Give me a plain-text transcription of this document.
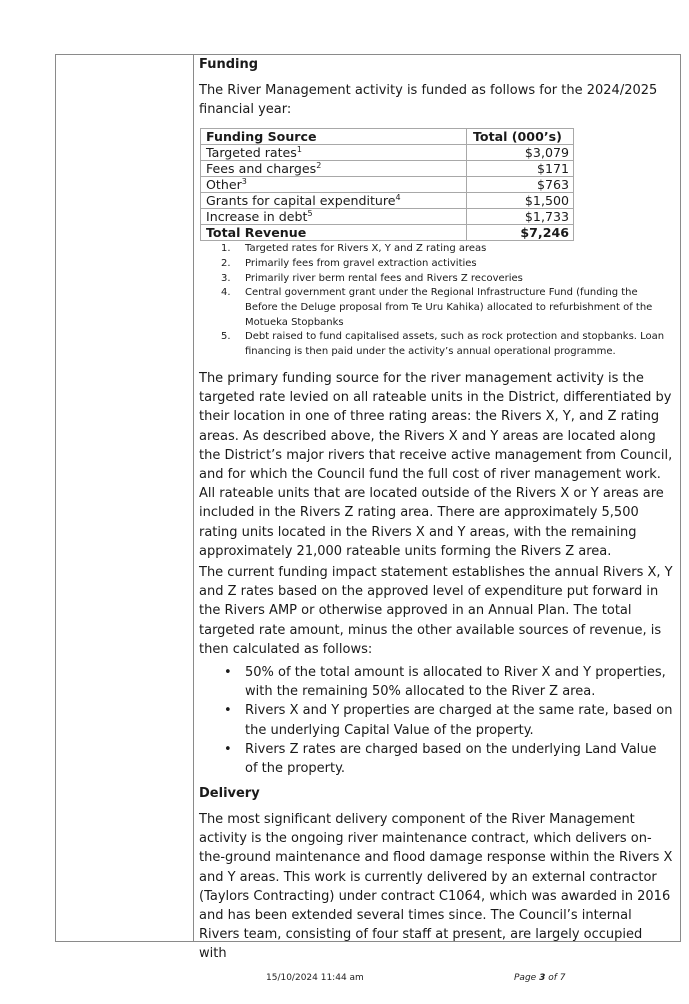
Funding

The River Management activity is funded as follows for the 2024/2025 financial year:

Funding Source	Total (000’s)
Targeted rates$^1$	$3,079
Fees and charges$^2$	$171
Other$^3$	$763
Grants for capital expenditure$^4$	$1,500
Increase in debt$^5$	$1,733
Total Revenue	$7,246
1. Targeted rates for Rivers X, Y and Z rating areas
2. Primarily fees from gravel extraction activities
3. Primarily river berm rental fees and Rivers Z recoveries
4. Central government grant under the Regional Infrastructure Fund (funding the Before the Deluge proposal from Te Uru Kahika) allocated to refurbishment of the Motueka Stopbanks
5. Debt raised to fund capitalised assets, such as rock protection and stopbanks. Loan financing is then paid under the activity’s annual operational programme.

The primary funding source for the river management activity is the targeted rate levied on all rateable units in the District, differentiated by their location in one of three rating areas: the Rivers X, Y, and Z rating areas. As described above, the Rivers X and Y areas are located along the District’s major rivers that receive active management from Council, and for which the Council fund the full cost of river management work. All rateable units that are located outside of the Rivers X or Y areas are included in the Rivers Z rating area. There are approximately 5,500 rating units located in the Rivers X and Y areas, with the remaining approximately 21,000 rateable units forming the Rivers Z area.

The current funding impact statement establishes the annual Rivers X, Y and Z rates based on the approved level of expenditure put forward in the Rivers AMP or otherwise approved in an Annual Plan. The total targeted rate amount, minus the other available sources of revenue, is then calculated as follows:

• 50% of the total amount is allocated to River X and Y properties, with the remaining 50% allocated to the River Z area.
• Rivers X and Y properties are charged at the same rate, based on the underlying Capital Value of the property.
• Rivers Z rates are charged based on the underlying Land Value of the property.
Delivery

The most significant delivery component of the River Management activity is the ongoing river maintenance contract, which delivers on-the-ground maintenance and flood damage response within the Rivers X and Y areas. This work is currently delivered by an external contractor (Taylors Contracting) under contract C1064, which was awarded in 2016 and has been extended several times since. The Council’s internal Rivers team, consisting of four staff at present, are largely occupied with

15/10/2024 11:44 am	Page 3 of 7
